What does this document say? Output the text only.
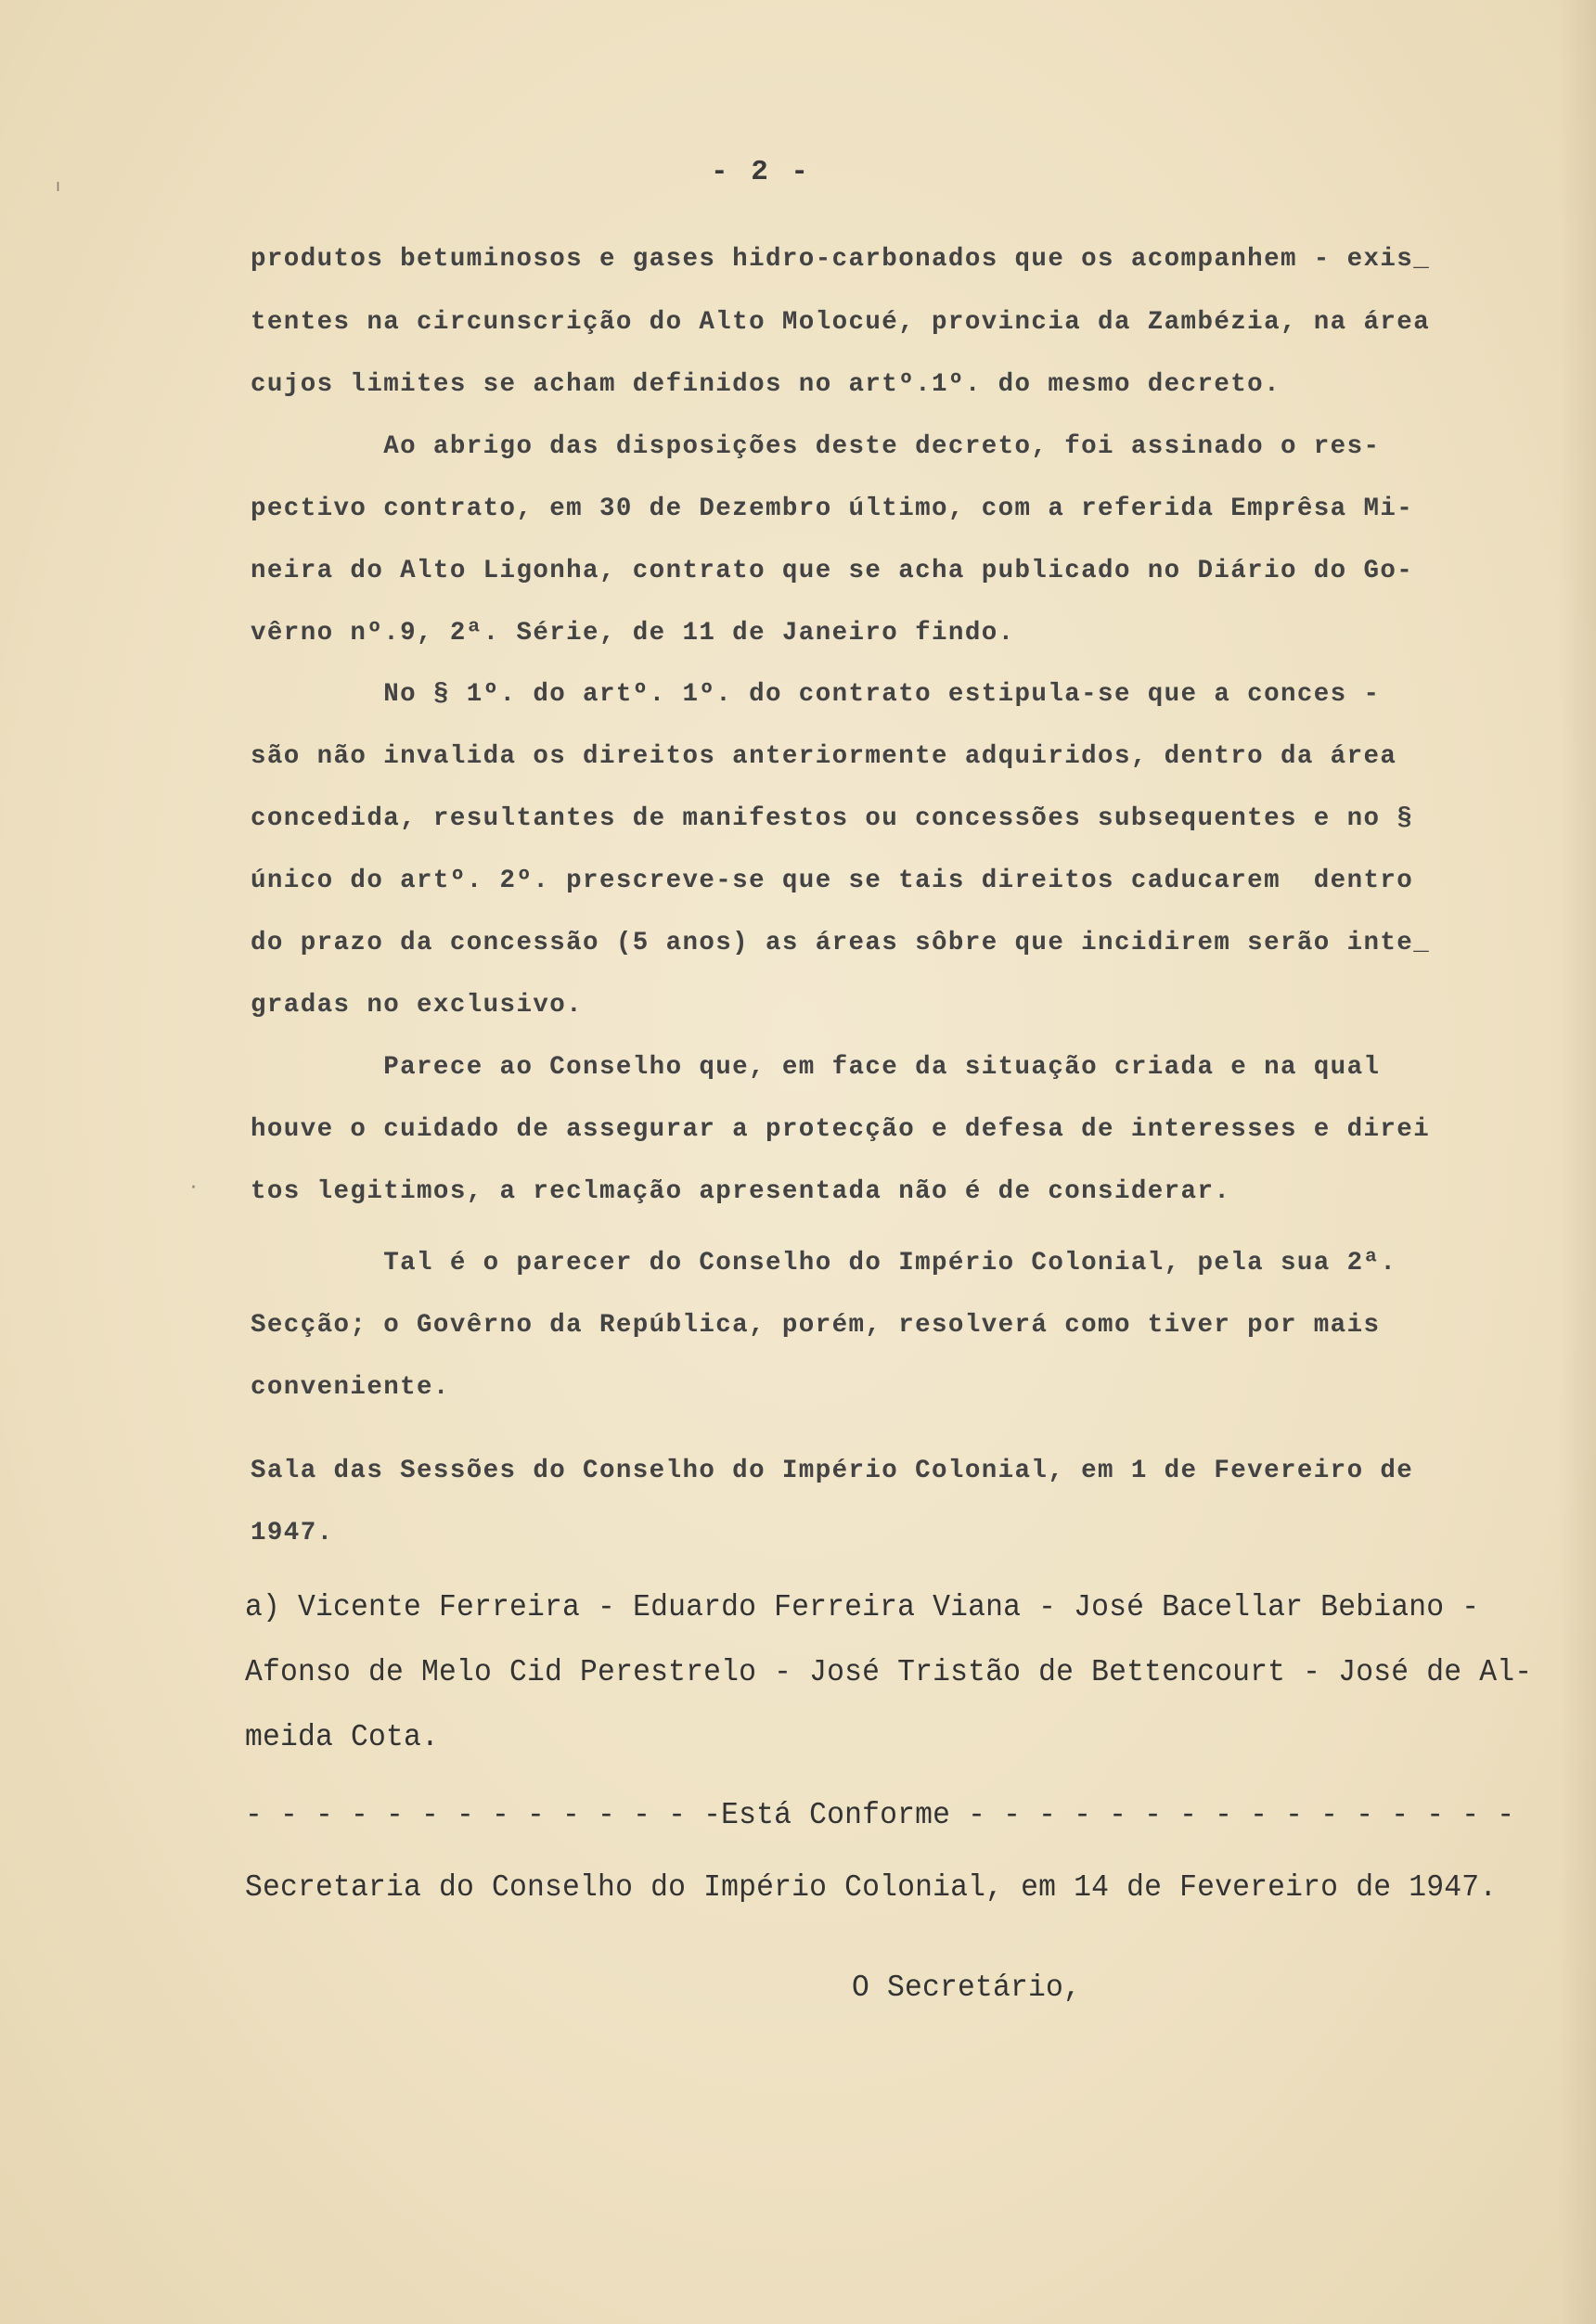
- 2 -
produtos betuminosos e gases hidro-carbonados que os acompanhem - exis_
tentes na circunscrição do Alto Molocué, provincia da Zambézia, na área
cujos limites se acham definidos no artº.1º. do mesmo decreto.
Ao abrigo das disposições deste decreto, foi assinado o res-
pectivo contrato, em 30 de Dezembro último, com a referida Emprêsa Mi-
neira do Alto Ligonha, contrato que se acha publicado no Diário do Go-
vêrno nº.9, 2ª. Série, de 11 de Janeiro findo.
No § 1º. do artº. 1º. do contrato estipula-se que a conces -
são não invalida os direitos anteriormente adquiridos, dentro da área
concedida, resultantes de manifestos ou concessões subsequentes e no §
único do artº. 2º. prescreve-se que se tais direitos caducarem  dentro
do prazo da concessão (5 anos) as áreas sôbre que incidirem serão inte_
gradas no exclusivo.
Parece ao Conselho que, em face da situação criada e na qual
houve o cuidado de assegurar a protecção e defesa de interesses e direi
tos legitimos, a reclmação apresentada não é de considerar.
Tal é o parecer do Conselho do Império Colonial, pela sua 2ª.
Secção; o Govêrno da República, porém, resolverá como tiver por mais
conveniente.
Sala das Sessões do Conselho do Império Colonial, em 1 de Fevereiro de
1947.
a) Vicente Ferreira - Eduardo Ferreira Viana - José Bacellar Bebiano -
Afonso de Melo Cid Perestrelo - José Tristão de Bettencourt - José de Al-
meida Cota.
- - - - - - - - - - - - - -Está Conforme - - - - - - - - - - - - - - - -
Secretaria do Conselho do Império Colonial, em 14 de Fevereiro de 1947.
O Secretário,
ı
·
